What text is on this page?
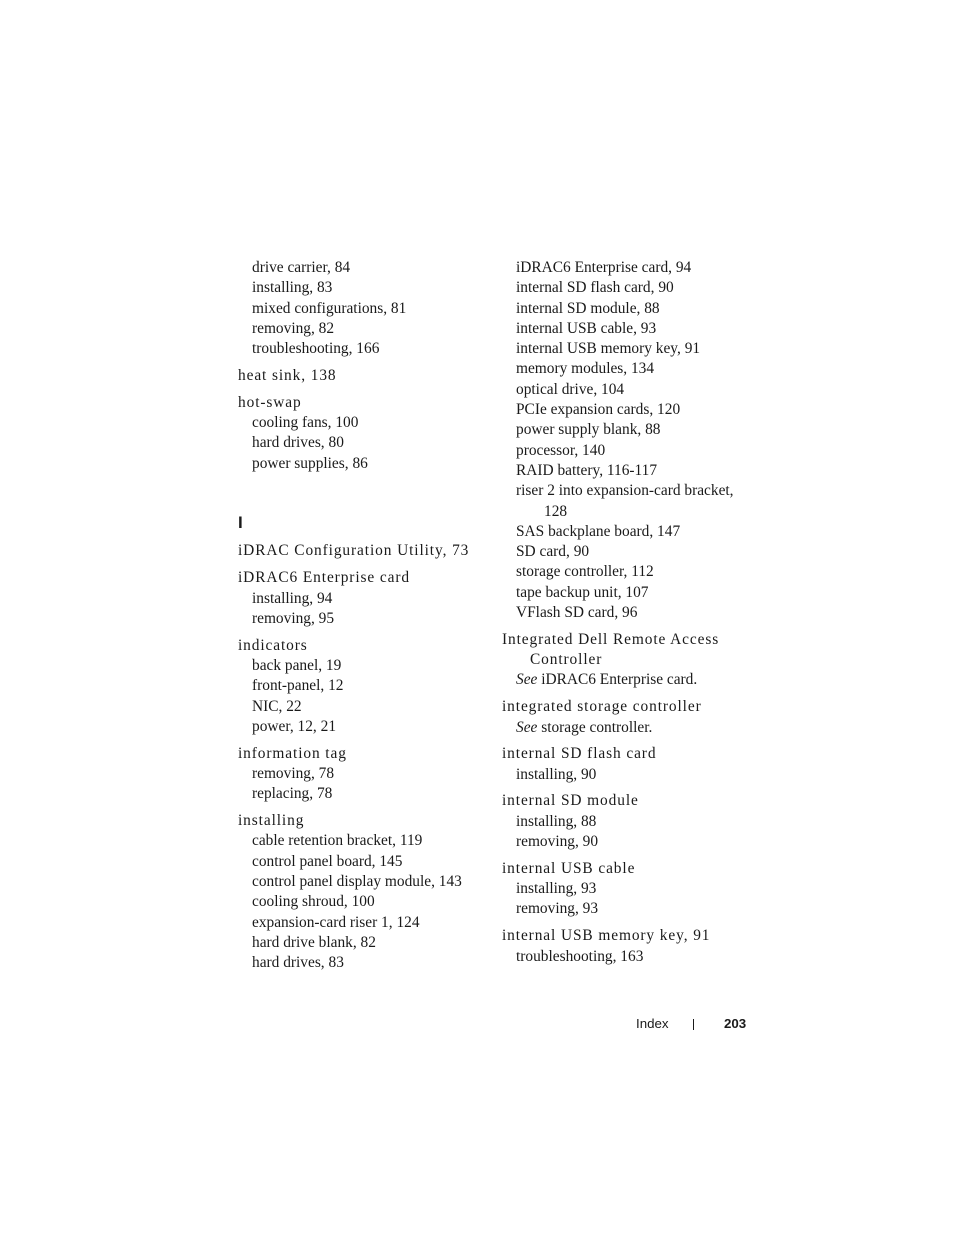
drive carrier, 84
installing, 83
mixed configurations, 81
removing, 82
troubleshooting, 166
heat sink, 138
hot-swap
cooling fans, 100
hard drives, 80
power supplies, 86
I
iDRAC Configuration Utility, 73
iDRAC6 Enterprise card
installing, 94
removing, 95
indicators
back panel, 19
front-panel, 12
NIC, 22
power, 12, 21
information tag
removing, 78
replacing, 78
installing
cable retention bracket, 119
control panel board, 145
control panel display module, 143
cooling shroud, 100
expansion-card riser 1, 124
hard drive blank, 82
hard drives, 83
iDRAC6 Enterprise card, 94
internal SD flash card, 90
internal SD module, 88
internal USB cable, 93
internal USB memory key, 91
memory modules, 134
optical drive, 104
PCIe expansion cards, 120
power supply blank, 88
processor, 140
RAID battery, 116-117
riser 2 into expansion-card bracket, 128
SAS backplane board, 147
SD card, 90
storage controller, 112
tape backup unit, 107
VFlash SD card, 96
Integrated Dell Remote Access Controller
See iDRAC6 Enterprise card.
integrated storage controller
See storage controller.
internal SD flash card
installing, 90
internal SD module
installing, 88
removing, 90
internal USB cable
installing, 93
removing, 93
internal USB memory key, 91
troubleshooting, 163
Index	203
